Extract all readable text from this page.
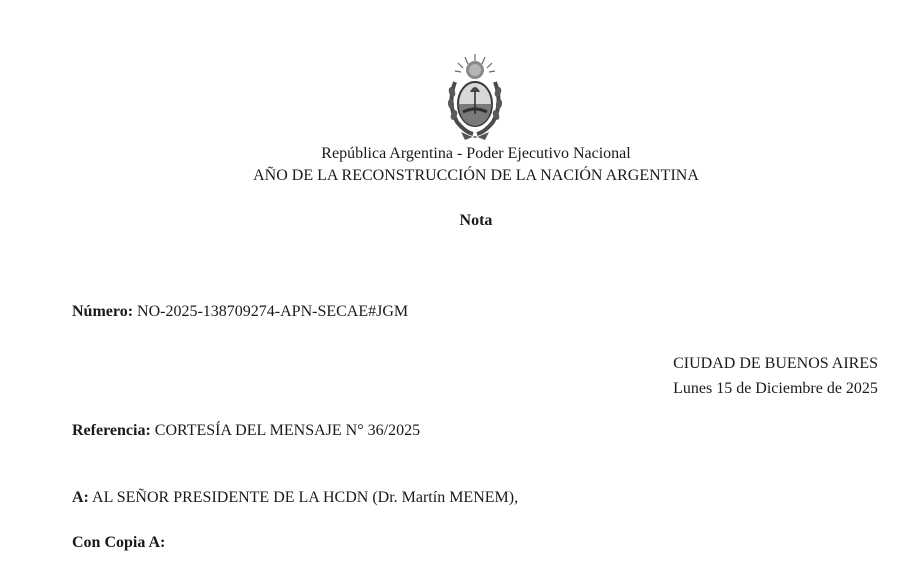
República Argentina - Poder Ejecutivo Nacional
AÑO DE LA RECONSTRUCCIÓN DE LA NACIÓN ARGENTINA
Nota
Número: NO-2025-138709274-APN-SECAE#JGM
CIUDAD DE BUENOS AIRES
Lunes 15 de Diciembre de 2025
Referencia: CORTESÍA DEL MENSAJE N° 36/2025
A: AL SEÑOR PRESIDENTE DE LA HCDN (Dr. Martín MENEM),
Con Copia A:
